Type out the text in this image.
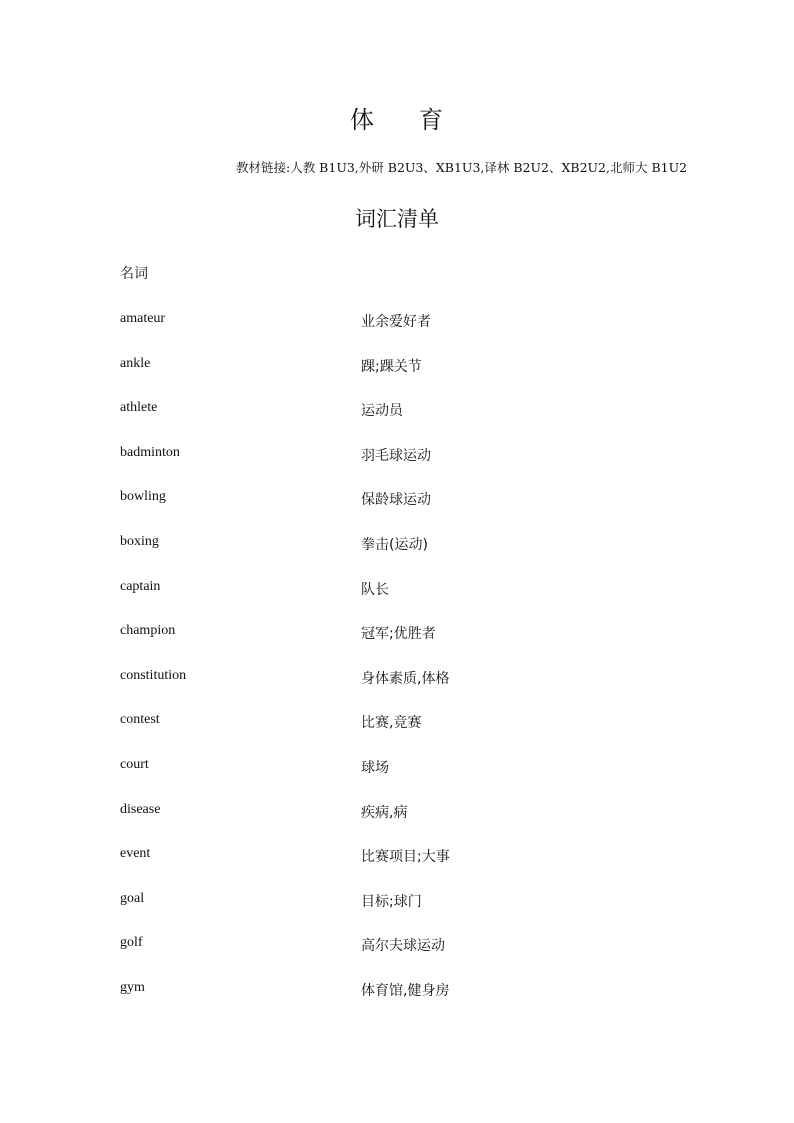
体 育
教材链接:人教 B1U3,外研 B2U3、XB1U3,译林 B2U2、XB2U2,北师大 B1U2
词汇清单
名词
amateur	业余爱好者
ankle	踝;踝关节
athlete	运动员
badminton	羽毛球运动
bowling	保龄球运动
boxing	拳击(运动)
captain	队长
champion	冠军;优胜者
constitution	身体素质,体格
contest	比赛,竞赛
court	球场
disease	疾病,病
event	比赛项目;大事
goal	目标;球门
golf	高尔夫球运动
gym	体育馆,健身房
